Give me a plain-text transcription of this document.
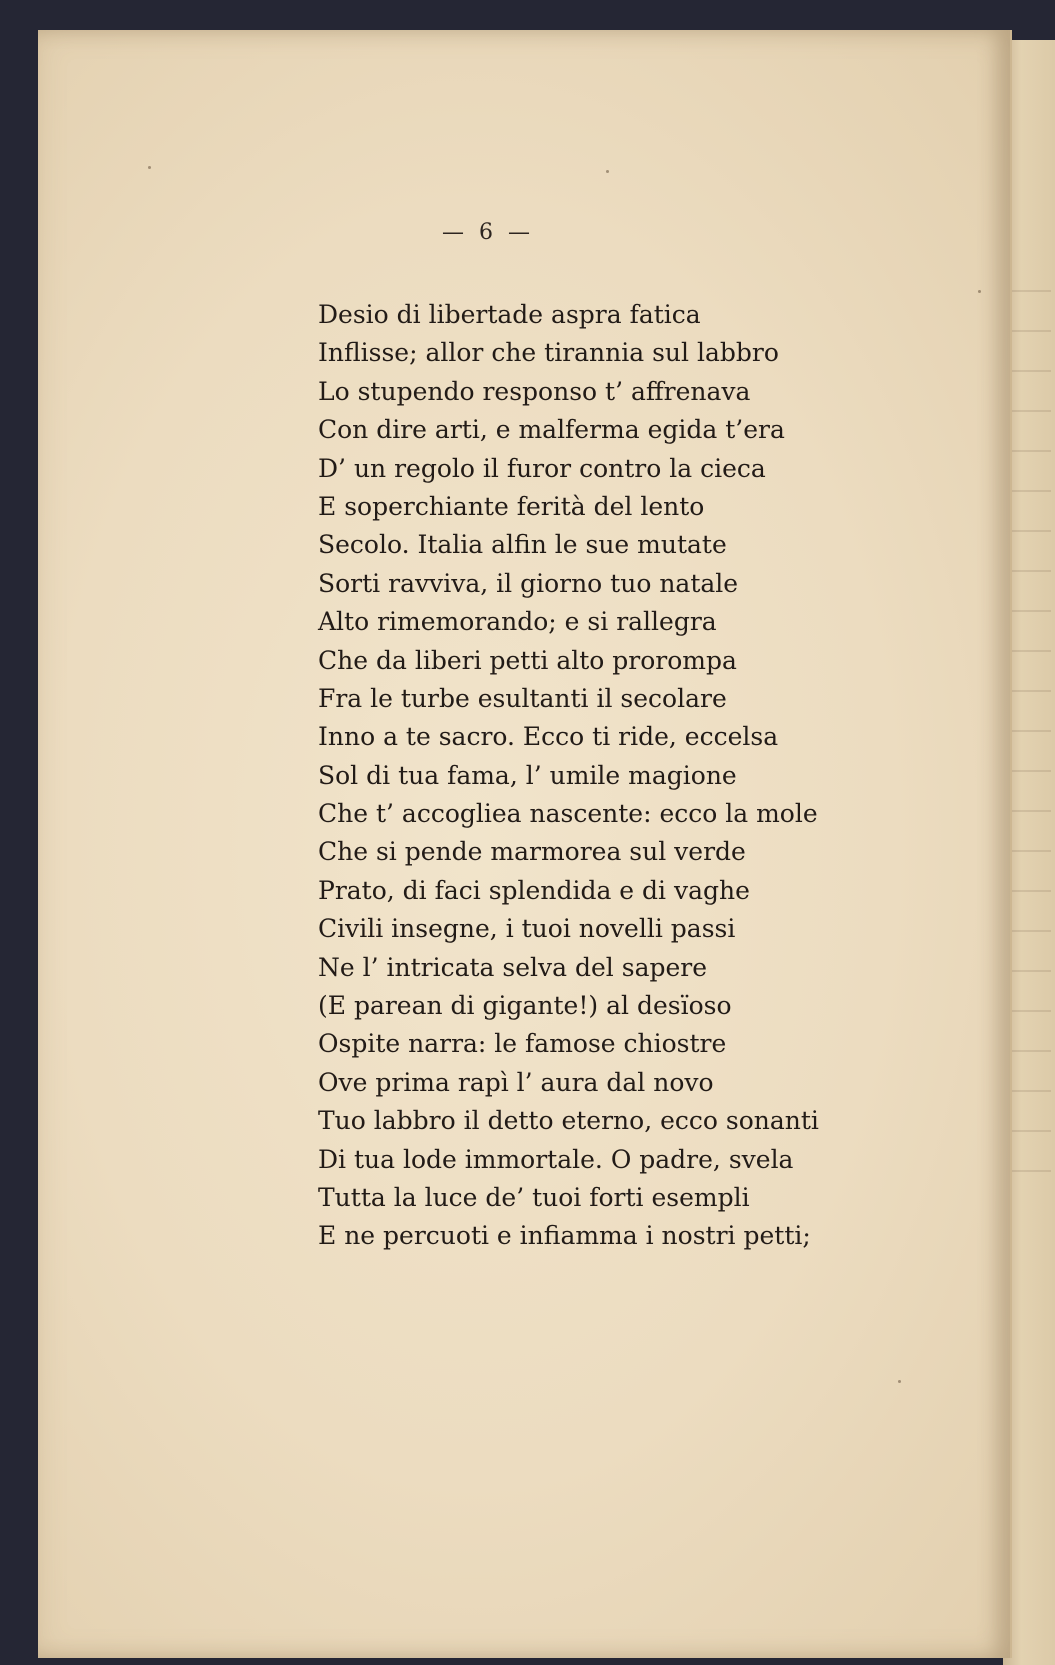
— 6 —
Desio di libertade aspra fatica
Inflisse; allor che tirannia sul labbro
Lo stupendo responso t’ affrenava
Con dire arti, e malferma egida t’era
D’ un regolo il furor contro la cieca
E soperchiante ferità del lento
Secolo. Italia alfin le sue mutate
Sorti ravviva, il giorno tuo natale
Alto rimemorando; e si rallegra
Che da liberi petti alto prorompa
Fra le turbe esultanti il secolare
Inno a te sacro. Ecco ti ride, eccelsa
Sol di tua fama, l’ umile magione
Che t’ accogliea nascente: ecco la mole
Che si pende marmorea sul verde
Prato, di faci splendida e di vaghe
Civili insegne, i tuoi novelli passi
Ne l’ intricata selva del sapere
(E parean di gigante!) al desïoso
Ospite narra: le famose chiostre
Ove prima rapì l’ aura dal novo
Tuo labbro il detto eterno, ecco sonanti
Di tua lode immortale. O padre, svela
Tutta la luce de’ tuoi forti esempli
E ne percuoti e infiamma i nostri petti;
